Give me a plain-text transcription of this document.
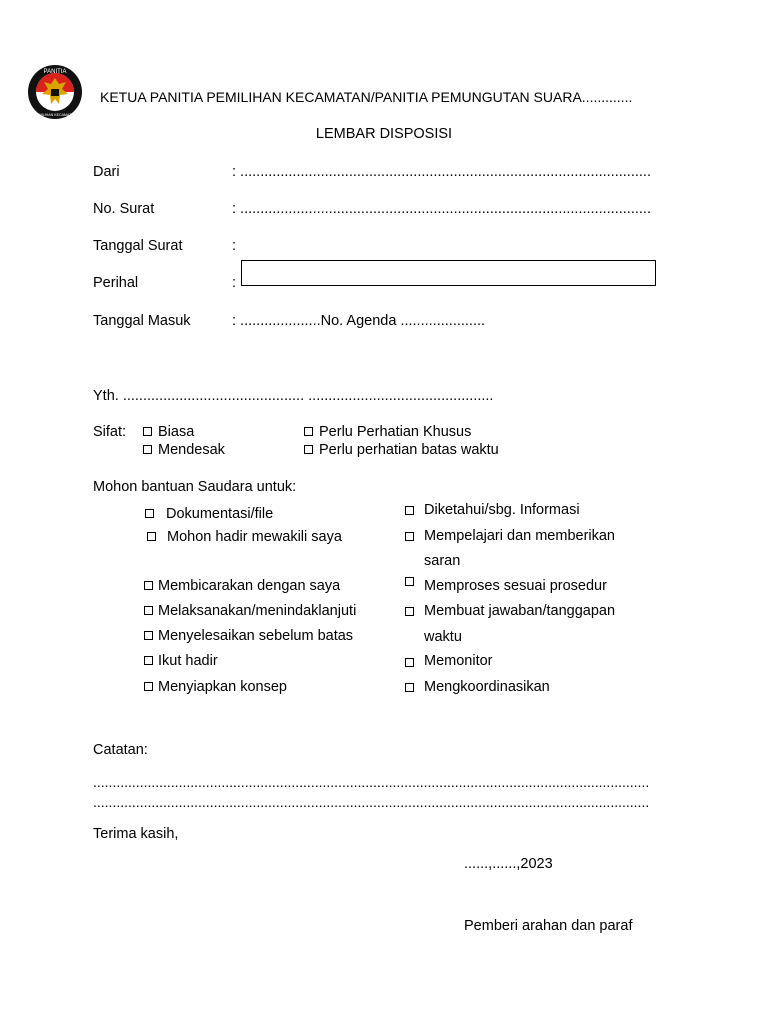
PANITIA
PEMILIHAN KECAMATAN
KETUA PANITIA PEMILIHAN KECAMATAN/PANITIA PEMUNGUTAN SUARA.............
LEMBAR DISPOSISI
Dari	: ......................................................................................................
No. Surat	: ......................................................................................................
Tanggal Surat	:
Perihal	:
Tanggal Masuk	: ....................No. Agenda .....................
Yth. ............................................. ..............................................
Sifat:	Biasa
Mendesak
Perlu Perhatian Khusus
Perlu perhatian batas waktu
Mohon bantuan Saudara untuk:
Dokumentasi/file
Mohon hadir mewakili saya
Membicarakan dengan saya
Melaksanakan/menindaklanjuti
Menyelesaikan sebelum batas
Ikut hadir
Menyiapkan konsep
Diketahui/sbg. Informasi
Mempelajari dan memberikan
saran
Memproses sesuai prosedur
Membuat jawaban/tanggapan
waktu
Memonitor
Mengkoordinasikan
Catatan:
...............................................................................................................................................
...............................................................................................................................................
Terima kasih,
......,......,2023
Pemberi arahan dan paraf
